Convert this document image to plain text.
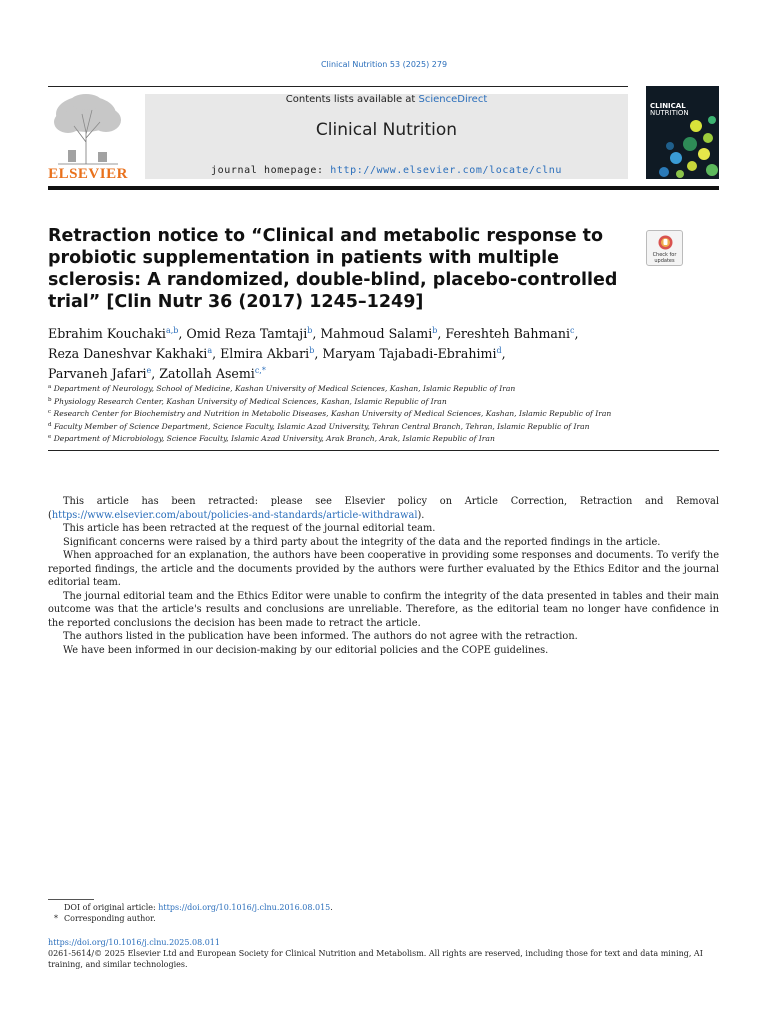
Clinical Nutrition 53 (2025) 279
ELSEVIER
Contents lists available at ScienceDirect
Clinical Nutrition
journal homepage: http://www.elsevier.com/locate/clnu
CLINICAL
NUTRITION
Retraction notice to “Clinical and metabolic response to probiotic supplementation in patients with multiple sclerosis: A randomized, double-blind, placebo-controlled trial” [Clin Nutr 36 (2017) 1245–1249]
Check for
updates
Ebrahim Kouchaki$^{a,b}$, Omid Reza Tamtaji$^b$, Mahmoud Salami$^b$, Fereshteh Bahmani$^c$,
Reza Daneshvar Kakhaki$^a$, Elmira Akbari$^b$, Maryam Tajabadi-Ebrahimi$^d$,
Parvaneh Jafari$^e$, Zatollah Asemi$^{c,*}$
$^a$ Department of Neurology, School of Medicine, Kashan University of Medical Sciences, Kashan, Islamic Republic of Iran
$^b$ Physiology Research Center, Kashan University of Medical Sciences, Kashan, Islamic Republic of Iran
$^c$ Research Center for Biochemistry and Nutrition in Metabolic Diseases, Kashan University of Medical Sciences, Kashan, Islamic Republic of Iran
$^d$ Faculty Member of Science Department, Science Faculty, Islamic Azad University, Tehran Central Branch, Tehran, Islamic Republic of Iran
$^e$ Department of Microbiology, Science Faculty, Islamic Azad University, Arak Branch, Arak, Islamic Republic of Iran

This article has been retracted: please see Elsevier policy on Article Correction, Retraction and Removal (https://www.elsevier.com/about/policies-and-standards/article-withdrawal).

This article has been retracted at the request of the journal editorial team.

Significant concerns were raised by a third party about the integrity of the data and the reported findings in the article.

When approached for an explanation, the authors have been cooperative in providing some responses and documents. To verify the reported findings, the article and the documents provided by the authors were further evaluated by the Ethics Editor and the journal editorial team.

The journal editorial team and the Ethics Editor were unable to confirm the integrity of the data presented in tables and their main outcome was that the article's results and conclusions are unreliable. Therefore, as the editorial team no longer have confidence in the reported conclusions the decision has been made to retract the article.

The authors listed in the publication have been informed. The authors do not agree with the retraction.

We have been informed in our decision-making by our editorial policies and the COPE guidelines.

DOI of original article: https://doi.org/10.1016/j.clnu.2016.08.015.
* Corresponding author.
https://doi.org/10.1016/j.clnu.2025.08.011
0261-5614/© 2025 Elsevier Ltd and European Society for Clinical Nutrition and Metabolism. All rights are reserved, including those for text and data mining, AI training, and similar technologies.
